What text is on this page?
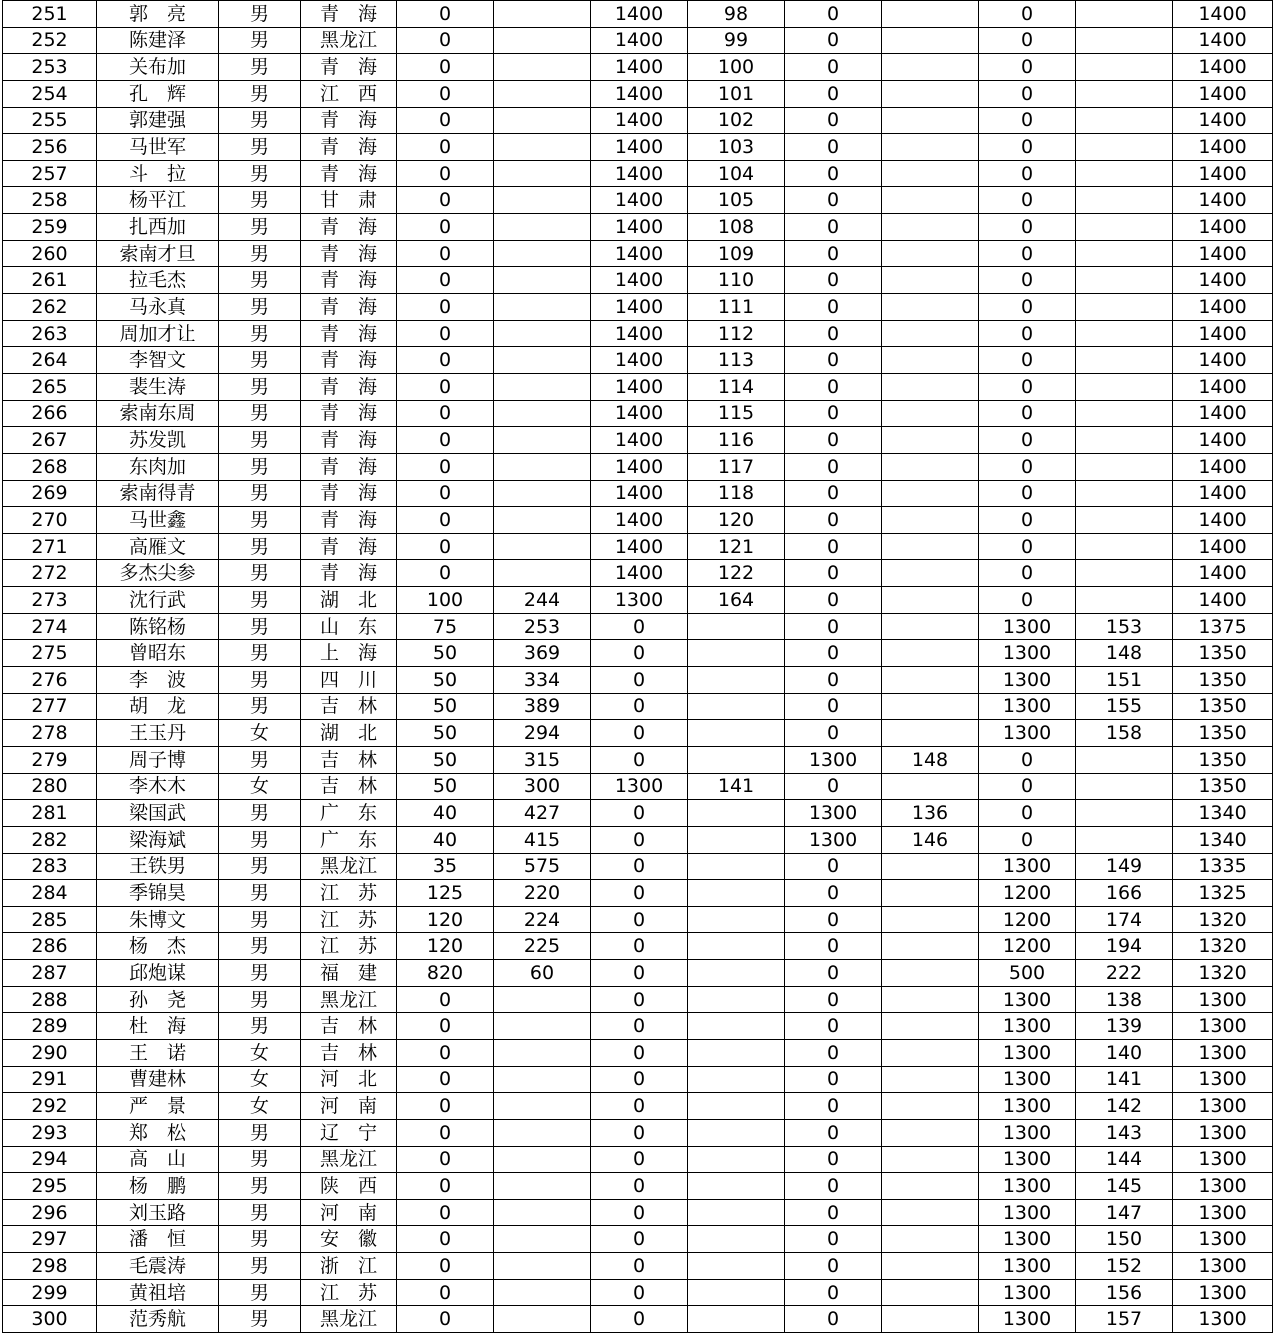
251	郭　亮	男	青　海	0		1400	98	0		0		1400
252	陈建泽	男	黑龙江	0		1400	99	0		0		1400
253	关布加	男	青　海	0		1400	100	0		0		1400
254	孔　辉	男	江　西	0		1400	101	0		0		1400
255	郭建强	男	青　海	0		1400	102	0		0		1400
256	马世军	男	青　海	0		1400	103	0		0		1400
257	斗　拉	男	青　海	0		1400	104	0		0		1400
258	杨平江	男	甘　肃	0		1400	105	0		0		1400
259	扎西加	男	青　海	0		1400	108	0		0		1400
260	索南才旦	男	青　海	0		1400	109	0		0		1400
261	拉毛杰	男	青　海	0		1400	110	0		0		1400
262	马永真	男	青　海	0		1400	111	0		0		1400
263	周加才让	男	青　海	0		1400	112	0		0		1400
264	李智文	男	青　海	0		1400	113	0		0		1400
265	裴生涛	男	青　海	0		1400	114	0		0		1400
266	索南东周	男	青　海	0		1400	115	0		0		1400
267	苏发凯	男	青　海	0		1400	116	0		0		1400
268	东肉加	男	青　海	0		1400	117	0		0		1400
269	索南得青	男	青　海	0		1400	118	0		0		1400
270	马世鑫	男	青　海	0		1400	120	0		0		1400
271	高雁文	男	青　海	0		1400	121	0		0		1400
272	多杰尖参	男	青　海	0		1400	122	0		0		1400
273	沈行武	男	湖　北	100	244	1300	164	0		0		1400
274	陈铭杨	男	山　东	75	253	0		0		1300	153	1375
275	曾昭东	男	上　海	50	369	0		0		1300	148	1350
276	李　波	男	四　川	50	334	0		0		1300	151	1350
277	胡　龙	男	吉　林	50	389	0		0		1300	155	1350
278	王玉丹	女	湖　北	50	294	0		0		1300	158	1350
279	周子博	男	吉　林	50	315	0		1300	148	0		1350
280	李木木	女	吉　林	50	300	1300	141	0		0		1350
281	梁国武	男	广　东	40	427	0		1300	136	0		1340
282	梁海斌	男	广　东	40	415	0		1300	146	0		1340
283	王铁男	男	黑龙江	35	575	0		0		1300	149	1335
284	季锦昊	男	江　苏	125	220	0		0		1200	166	1325
285	朱博文	男	江　苏	120	224	0		0		1200	174	1320
286	杨　杰	男	江　苏	120	225	0		0		1200	194	1320
287	邱炮谋	男	福　建	820	60	0		0		500	222	1320
288	孙　尧	男	黑龙江	0		0		0		1300	138	1300
289	杜　海	男	吉　林	0		0		0		1300	139	1300
290	王　诺	女	吉　林	0		0		0		1300	140	1300
291	曹建林	女	河　北	0		0		0		1300	141	1300
292	严　景	女	河　南	0		0		0		1300	142	1300
293	郑　松	男	辽　宁	0		0		0		1300	143	1300
294	高　山	男	黑龙江	0		0		0		1300	144	1300
295	杨　鹏	男	陕　西	0		0		0		1300	145	1300
296	刘玉路	男	河　南	0		0		0		1300	147	1300
297	潘　恒	男	安　徽	0		0		0		1300	150	1300
298	毛震涛	男	浙　江	0		0		0		1300	152	1300
299	黄祖培	男	江　苏	0		0		0		1300	156	1300
300	范秀航	男	黑龙江	0		0		0		1300	157	1300
